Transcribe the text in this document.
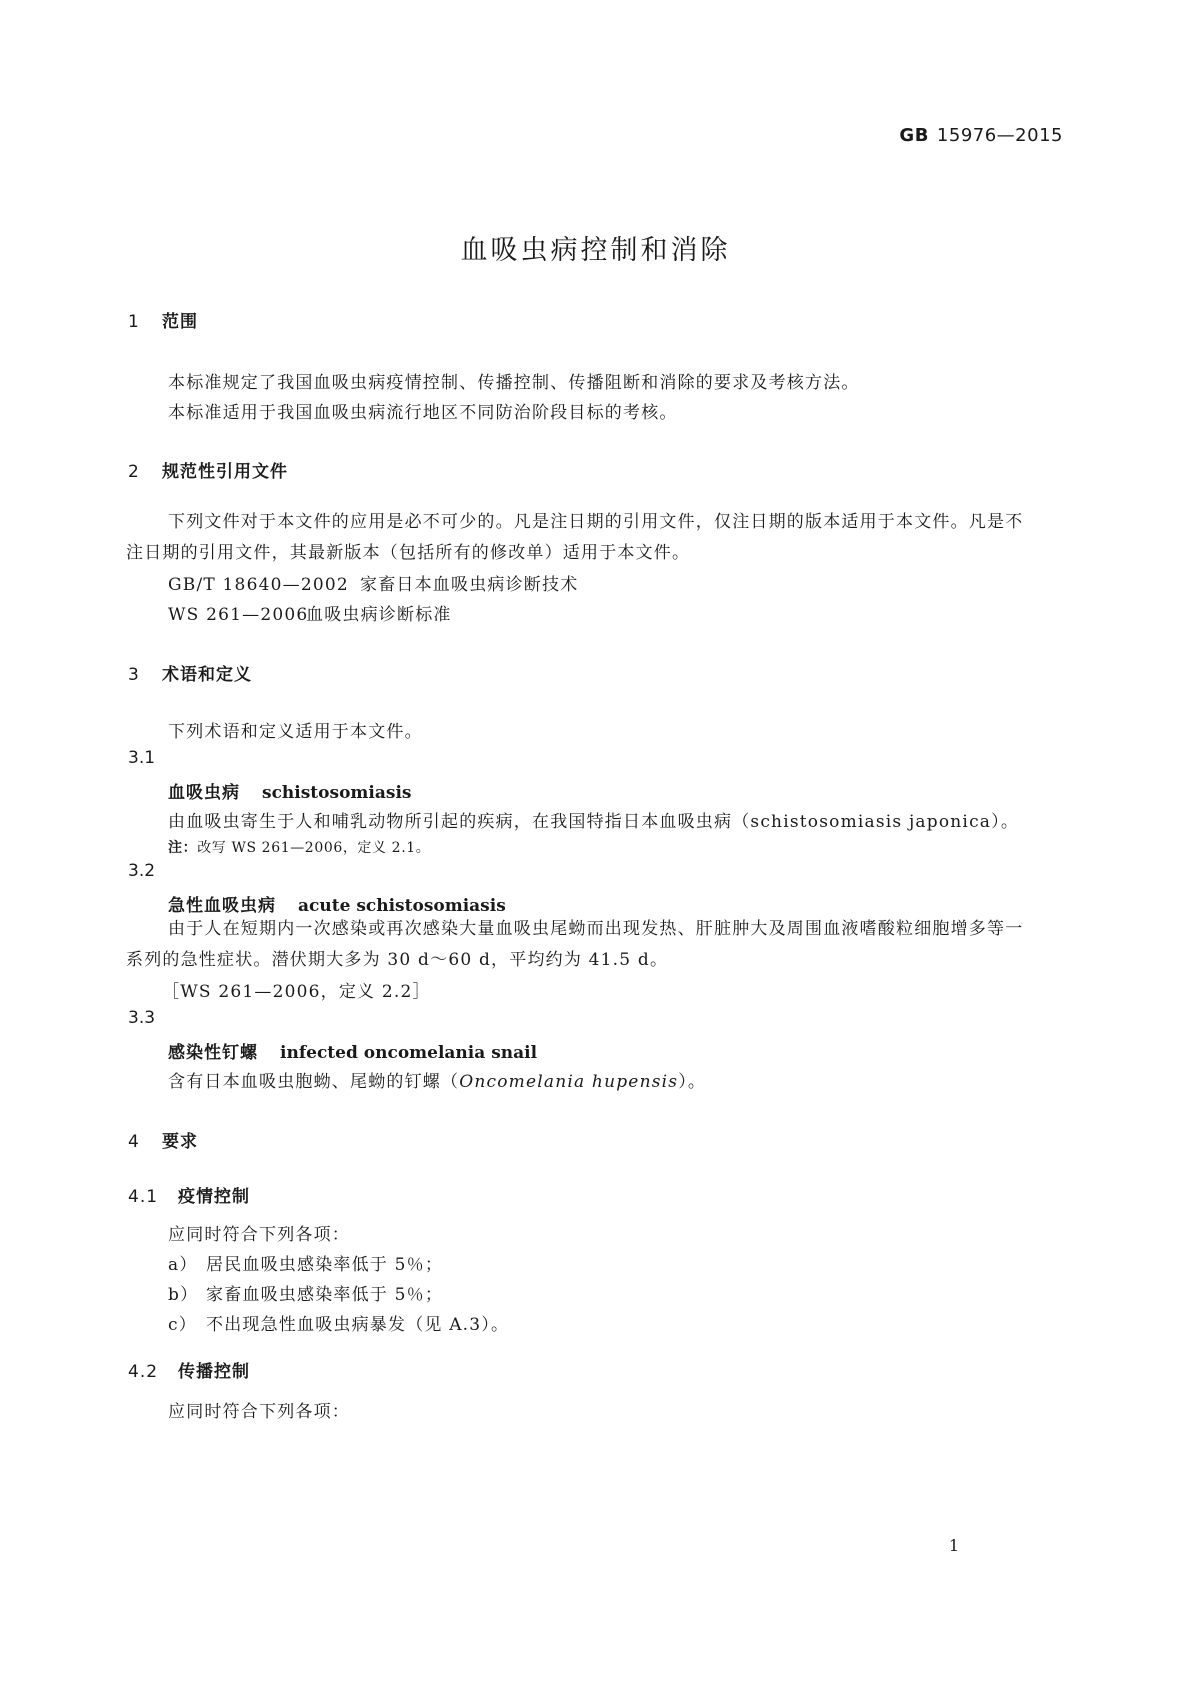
GB 15976—2015
血吸虫病控制和消除
1 范围
本标准规定了我国血吸虫病疫情控制、传播控制、传播阻断和消除的要求及考核方法。
本标准适用于我国血吸虫病流行地区不同防治阶段目标的考核。
2 规范性引用文件
下列文件对于本文件的应用是必不可少的。凡是注日期的引用文件，仅注日期的版本适用于本文件。凡是不注日期的引用文件，其最新版本（包括所有的修改单）适用于本文件。
GB/T 18640—2002 家畜日本血吸虫病诊断技术
WS 261—2006血吸虫病诊断标准
3 术语和定义
下列术语和定义适用于本文件。
3.1
血吸虫病 schistosomiasis
由血吸虫寄生于人和哺乳动物所引起的疾病，在我国特指日本血吸虫病（schistosomiasis japonica）。
注：改写 WS 261—2006，定义 2.1。
3.2
急性血吸虫病 acute schistosomiasis
由于人在短期内一次感染或再次感染大量血吸虫尾蚴而出现发热、肝脏肿大及周围血液嗜酸粒细胞增多等一系列的急性症状。潜伏期大多为 30 d～60 d，平均约为 41.5 d。
［WS 261—2006，定义 2.2］
3.3
感染性钉螺 infected oncomelania snail
含有日本血吸虫胞蚴、尾蚴的钉螺（Oncomelania hupensis）。
4 要求
4.1 疫情控制
应同时符合下列各项：
a） 居民血吸虫感染率低于 5％；
b） 家畜血吸虫感染率低于 5％；
c） 不出现急性血吸虫病暴发（见 A.3）。
4.2 传播控制
应同时符合下列各项：
1
